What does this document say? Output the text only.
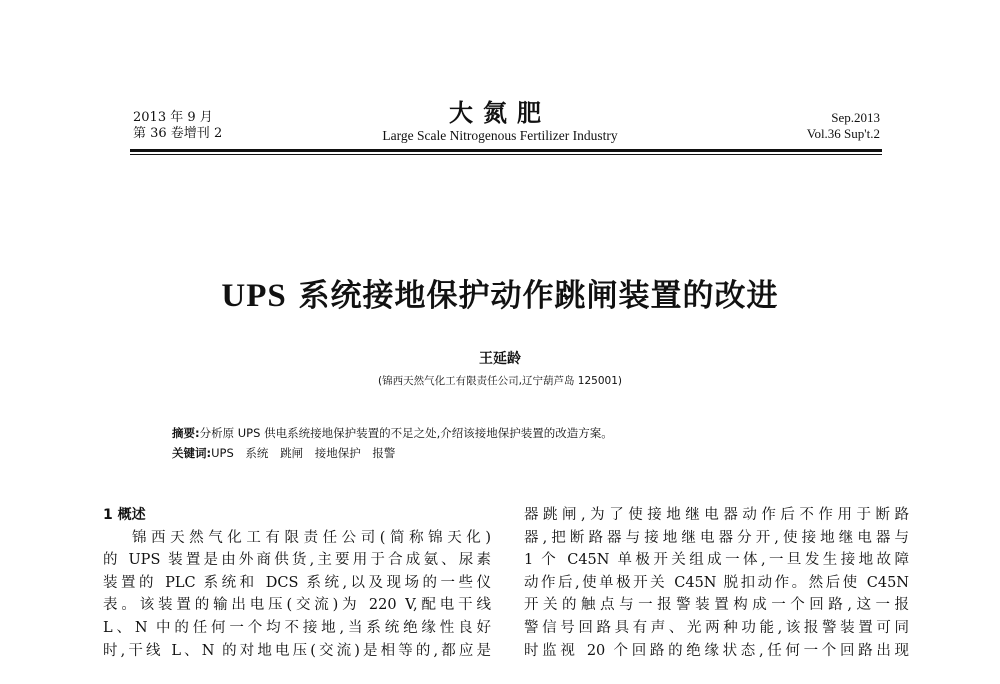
2013 年 9 月
第 36 卷增刊 2
大氮肥
Large Scale Nitrogenous Fertilizer Industry
Sep.2013
Vol.36 Sup't.2
UPS 系统接地保护动作跳闸装置的改进
王延龄
(锦西天然气化工有限责任公司,辽宁葫芦岛 125001)
摘要:分析原 UPS 供电系统接地保护装置的不足之处,介绍该接地保护装置的改造方案。
关键词:UPS 系统 跳闸 接地保护 报警
1 概述
锦西天然气化工有限责任公司(简称锦天化)
的 UPS 装置是由外商供货,主要用于合成氨、尿素
装置的 PLC 系统和 DCS 系统,以及现场的一些仪
表。该装置的输出电压(交流)为 220 V,配电干线
L、N 中的任何一个均不接地,当系统绝缘性良好
时,干线 L、N 的对地电压(交流)是相等的,都应是
器跳闸,为了使接地继电器动作后不作用于断路
器,把断路器与接地继电器分开,使接地继电器与
1 个 C45N 单极开关组成一体,一旦发生接地故障
动作后,使单极开关 C45N 脱扣动作。然后使 C45N
开关的触点与一报警装置构成一个回路,这一报
警信号回路具有声、光两种功能,该报警装置可同
时监视 20 个回路的绝缘状态,任何一个回路出现
